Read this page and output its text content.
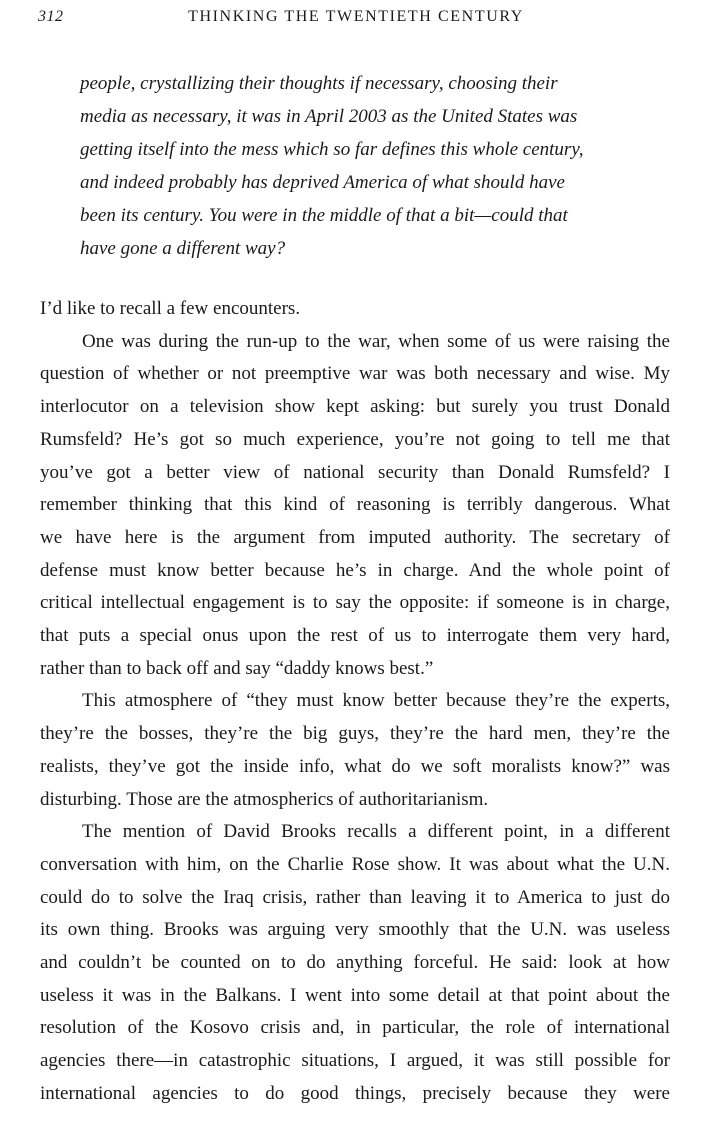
312	THINKING THE TWENTIETH CENTURY
people, crystallizing their thoughts if necessary, choosing their
media as necessary, it was in April 2003 as the United States was
getting itself into the mess which so far defines this whole century,
and indeed probably has deprived America of what should have
been its century. You were in the middle of that a bit—could that
have gone a different way?

I’d like to recall a few encounters.

One was during the run-up to the war, when some of us were raising the
question of whether or not preemptive war was both necessary and wise. My
interlocutor on a television show kept asking: but surely you trust Donald
Rumsfeld? He’s got so much experience, you’re not going to tell me that
you’ve got a better view of national security than Donald Rumsfeld? I
remember thinking that this kind of reasoning is terribly dangerous. What
we have here is the argument from imputed authority. The secretary of
defense must know better because he’s in charge. And the whole point of
critical intellectual engagement is to say the opposite: if someone is in charge,
that puts a special onus upon the rest of us to interrogate them very hard,
rather than to back off and say “daddy knows best.”

This atmosphere of “they must know better because they’re the experts,
they’re the bosses, they’re the big guys, they’re the hard men, they’re the
realists, they’ve got the inside info, what do we soft moralists know?” was
disturbing. Those are the atmospherics of authoritarianism.

The mention of David Brooks recalls a different point, in a different
conversation with him, on the Charlie Rose show. It was about what the U.N.
could do to solve the Iraq crisis, rather than leaving it to America to just do
its own thing. Brooks was arguing very smoothly that the U.N. was useless
and couldn’t be counted on to do anything forceful. He said: look at how
useless it was in the Balkans. I went into some detail at that point about the
resolution of the Kosovo crisis and, in particular, the role of international
agencies there—in catastrophic situations, I argued, it was still possible for
international agencies to do good things, precisely because they were
